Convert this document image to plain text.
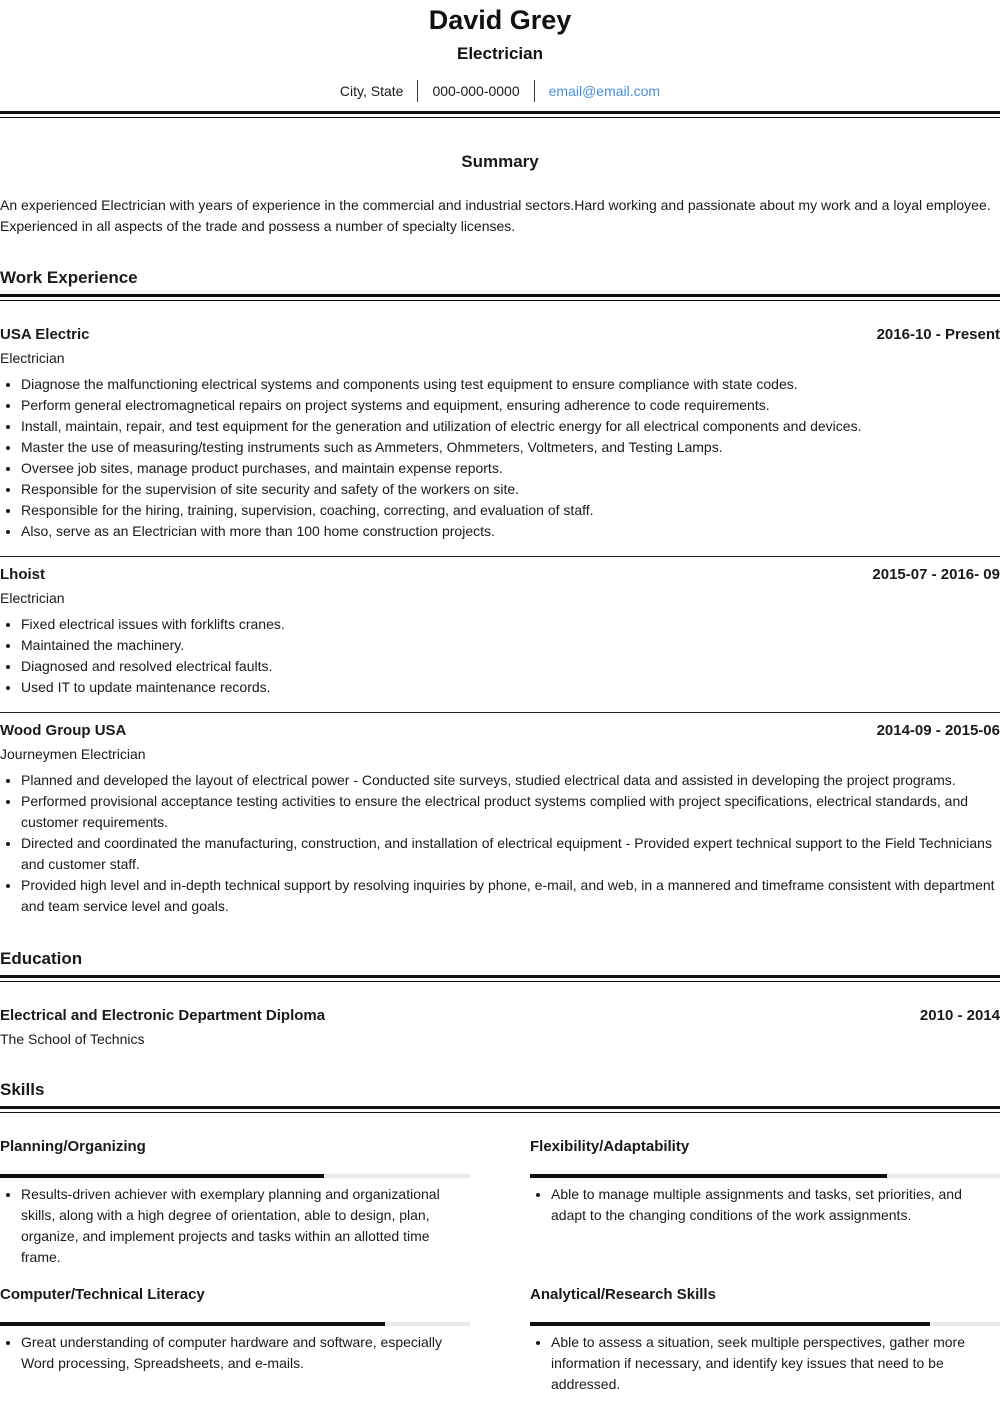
David Grey
Electrician
City, State	000-000-0000	email@email.com
Summary
An experienced Electrician with years of experience in the commercial and industrial sectors.Hard working and passionate about my work and a loyal employee. Experienced in all aspects of the trade and possess a number of specialty licenses.
Work Experience
USA Electric	2016-10 - Present
Electrician
• Diagnose the malfunctioning electrical systems and components using test equipment to ensure compliance with state codes.
• Perform general electromagnetical repairs on project systems and equipment, ensuring adherence to code requirements.
• Install, maintain, repair, and test equipment for the generation and utilization of electric energy for all electrical components and devices.
• Master the use of measuring/testing instruments such as Ammeters, Ohmmeters, Voltmeters, and Testing Lamps.
• Oversee job sites, manage product purchases, and maintain expense reports.
• Responsible for the supervision of site security and safety of the workers on site.
• Responsible for the hiring, training, supervision, coaching, correcting, and evaluation of staff.
• Also, serve as an Electrician with more than 100 home construction projects.
Lhoist	2015-07 - 2016- 09
Electrician
• Fixed electrical issues with forklifts cranes.
• Maintained the machinery.
• Diagnosed and resolved electrical faults.
• Used IT to update maintenance records.
Wood Group USA	2014-09 - 2015-06
Journeymen Electrician
• Planned and developed the layout of electrical power - Conducted site surveys, studied electrical data and assisted in developing the project programs.
• Performed provisional acceptance testing activities to ensure the electrical product systems complied with project specifications, electrical standards, and customer requirements.
• Directed and coordinated the manufacturing, construction, and installation of electrical equipment - Provided expert technical support to the Field Technicians and customer staff.
• Provided high level and in-depth technical support by resolving inquiries by phone, e-mail, and web, in a mannered and timeframe consistent with department and team service level and goals.
Education
Electrical and Electronic Department Diploma	2010 - 2014
The School of Technics
Skills
Planning/Organizing
• Results-driven achiever with exemplary planning and organizational skills, along with a high degree of orientation, able to design, plan, organize, and implement projects and tasks within an allotted time frame.
Flexibility/Adaptability
• Able to manage multiple assignments and tasks, set priorities, and adapt to the changing conditions of the work assignments.
Computer/Technical Literacy
• Great understanding of computer hardware and software, especially Word processing, Spreadsheets, and e-mails.
Analytical/Research Skills
• Able to assess a situation, seek multiple perspectives, gather more information if necessary, and identify key issues that need to be addressed.
